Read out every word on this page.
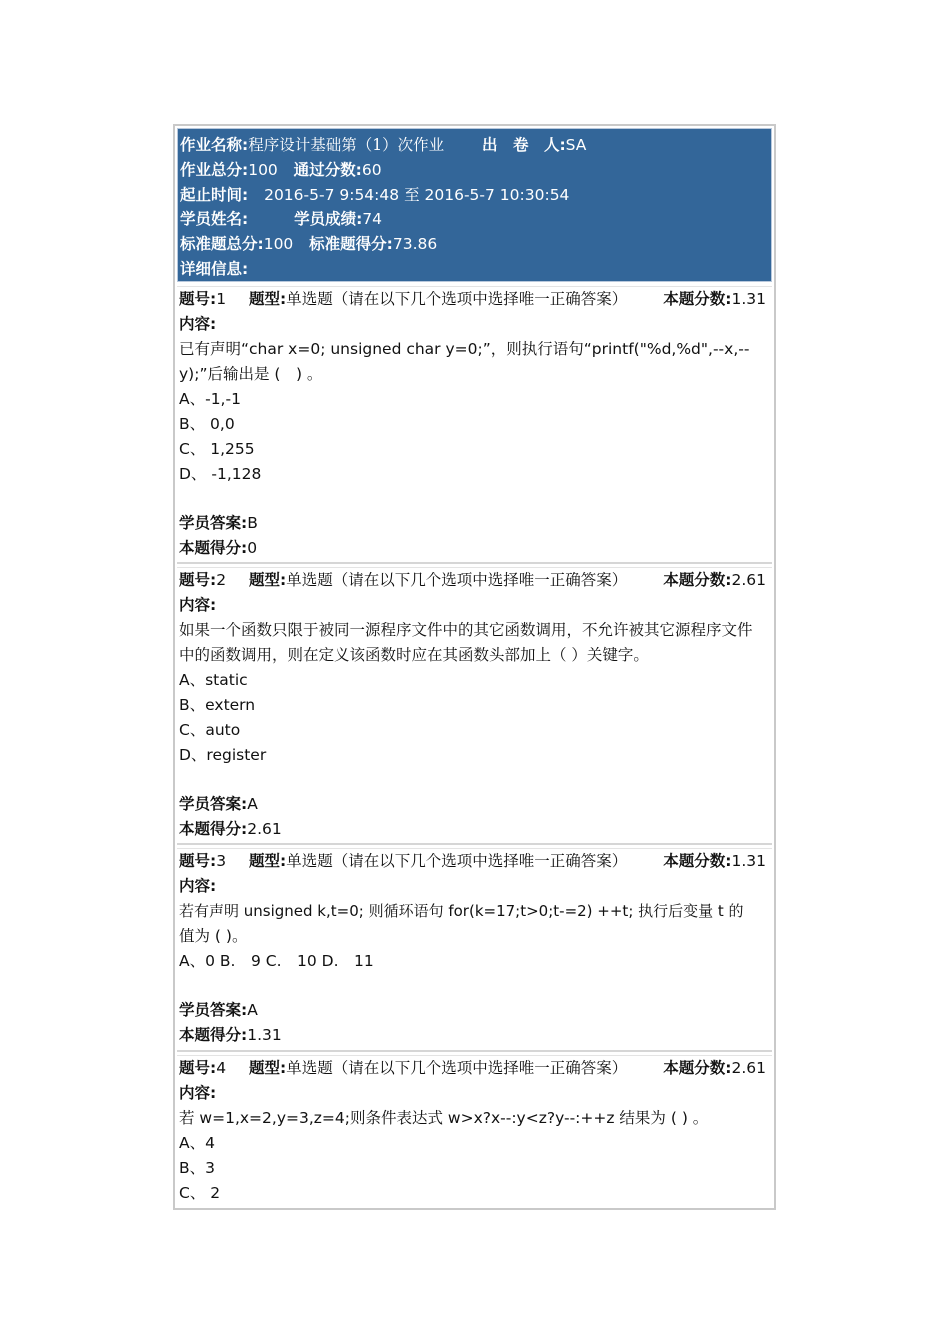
作业名称:程序设计基础第（1）次作业 出　卷　人:SA
作业总分:100 通过分数:60
起止时间: 2016-5-7 9:54:48 至 2016-5-7 10:30:54
学员姓名:	学员成绩:74
标准题总分:100 标准题得分:73.86
详细信息:
题号:1 题型:单选题（请在以下几个选项中选择唯一正确答案） 本题分数:1.31
内容:
已有声明“char x=0; unsigned char y=0;”，则执行语句“printf("%d,%d",--x,--
y);”后输出是 (　) 。
A、-1,-1
B、 0,0
C、 1,255
D、 -1,128
学员答案:B
本题得分:0
题号:2 题型:单选题（请在以下几个选项中选择唯一正确答案） 本题分数:2.61
内容:
如果一个函数只限于被同一源程序文件中的其它函数调用，不允许被其它源程序文件
中的函数调用，则在定义该函数时应在其函数头部加上（ ）关键字。
A、static
B、extern
C、auto
D、register
学员答案:A
本题得分:2.61
题号:3 题型:单选题（请在以下几个选项中选择唯一正确答案） 本题分数:1.31
内容:
若有声明 unsigned k,t=0; 则循环语句 for(k=17;t>0;t-=2) ++t; 执行后变量 t 的
值为 ( )。
A、0 B.　9 C.　10 D.　11
学员答案:A
本题得分:1.31
题号:4 题型:单选题（请在以下几个选项中选择唯一正确答案） 本题分数:2.61
内容:
若 w=1,x=2,y=3,z=4;则条件表达式 w>x?x--:y<z?y--:++z 结果为 ( ) 。
A、4
B、3
C、 2
